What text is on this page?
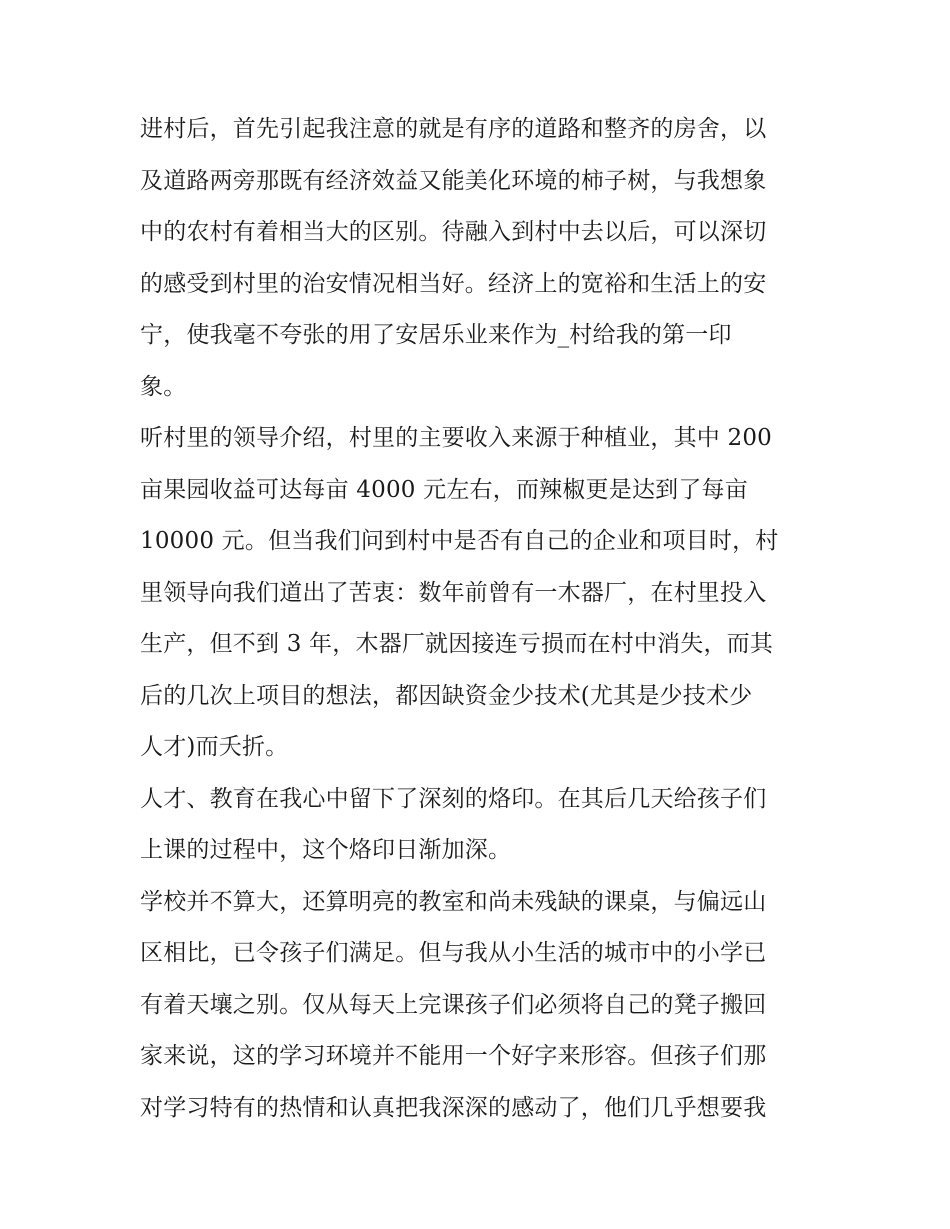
进村后，首先引起我注意的就是有序的道路和整齐的房舍，以
及道路两旁那既有经济效益又能美化环境的柿子树，与我想象
中的农村有着相当大的区别。待融入到村中去以后，可以深切
的感受到村里的治安情况相当好。经济上的宽裕和生活上的安
宁，使我毫不夸张的用了安居乐业来作为_村给我的第一印
象。
听村里的领导介绍，村里的主要收入来源于种植业，其中 200
亩果园收益可达每亩 4000 元左右，而辣椒更是达到了每亩
10000 元。但当我们问到村中是否有自己的企业和项目时，村
里领导向我们道出了苦衷：数年前曾有一木器厂，在村里投入
生产，但不到 3 年，木器厂就因接连亏损而在村中消失，而其
后的几次上项目的想法，都因缺资金少技术(尤其是少技术少
人才)而夭折。
人才、教育在我心中留下了深刻的烙印。在其后几天给孩子们
上课的过程中，这个烙印日渐加深。
学校并不算大，还算明亮的教室和尚未残缺的课桌，与偏远山
区相比，已令孩子们满足。但与我从小生活的城市中的小学已
有着天壤之别。仅从每天上完课孩子们必须将自己的凳子搬回
家来说，这的学习环境并不能用一个好字来形容。但孩子们那
对学习特有的热情和认真把我深深的感动了，他们几乎想要我
